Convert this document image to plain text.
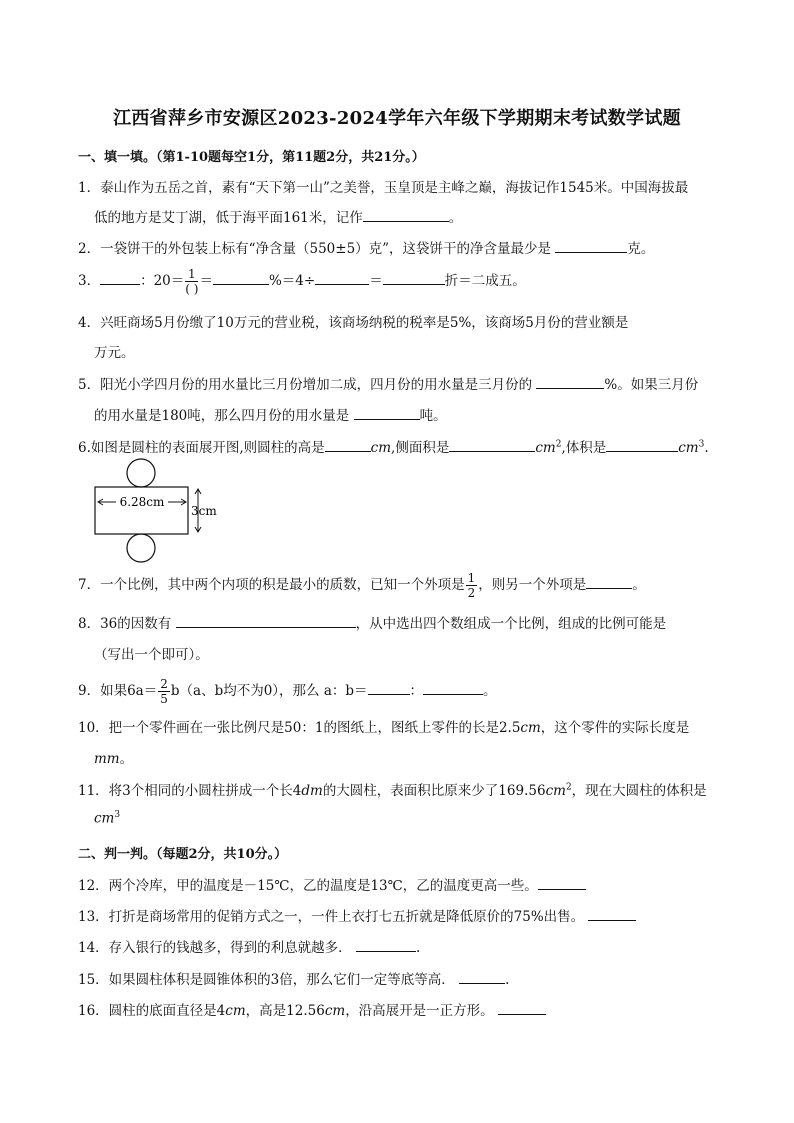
江西省萍乡市安源区2023-2024学年六年级下学期期末考试数学试题
一、填一填。（第1-10题每空1分，第11题2分，共21分。）
1．泰山作为五岳之首，素有“天下第一山”之美誉，玉皇顶是主峰之巅，海拔记作1545米。中国海拔最
低的地方是艾丁湖，低于海平面161米，记作	。
2．一袋饼干的外包装上标有“净含量（550±5）克”，这袋饼干的净含量最少是	克。
3．	：$20= \frac{1}{( )}$ ＝	%＝4÷	＝	折＝二成五。
4．兴旺商场5月份缴了10万元的营业税，该商场纳税的税率是5%，该商场5月份的营业额是
万元。
5．阳光小学四月份的用水量比三月份增加二成，四月份的用水量是三月份的	%。如果三月份
的用水量是180吨，那么四月份的用水量是	吨。
6.如图是圆柱的表面展开图,则圆柱的高是	cm,侧面积是	$cm^2$,体积是	$cm^3$.
6.28cm
3cm
7．一个比例，其中两个内项的积是最小的质数，已知一个外项是 $\frac{1}{2}$ ，则另一个外项是	。
8．36的因数有	，从中选出四个数组成一个比例，组成的比例可能是
（写出一个即可）。
9．如果$6a= \frac{2}{5} b(a$、b均不为0），那么 a：b＝	：	。
10．把一个零件画在一张比例尺是50：1的图纸上，图纸上零件的长是2.5cm，这个零件的实际长度是
mm。
11．将3个相同的小圆柱拼成一个长4dm的大圆柱，表面积比原来少了$169.56cm^2$，现在大圆柱的体积是
$cm^3$
二、判一判。（每题2分，共10分。）
12．两个冷库，甲的温度是－15℃，乙的温度是13℃，乙的温度更高一些。
13．打折是商场常用的促销方式之一，一件上衣打七五折就是降低原价的75%出售。
14．存入银行的钱越多，得到的利息就越多．	.
15．如果圆柱体积是圆锥体积的3倍，那么它们一定等底等高．	.
16．圆柱的底面直径是4cm，高是12.56cm，沿高展开是一正方形。
